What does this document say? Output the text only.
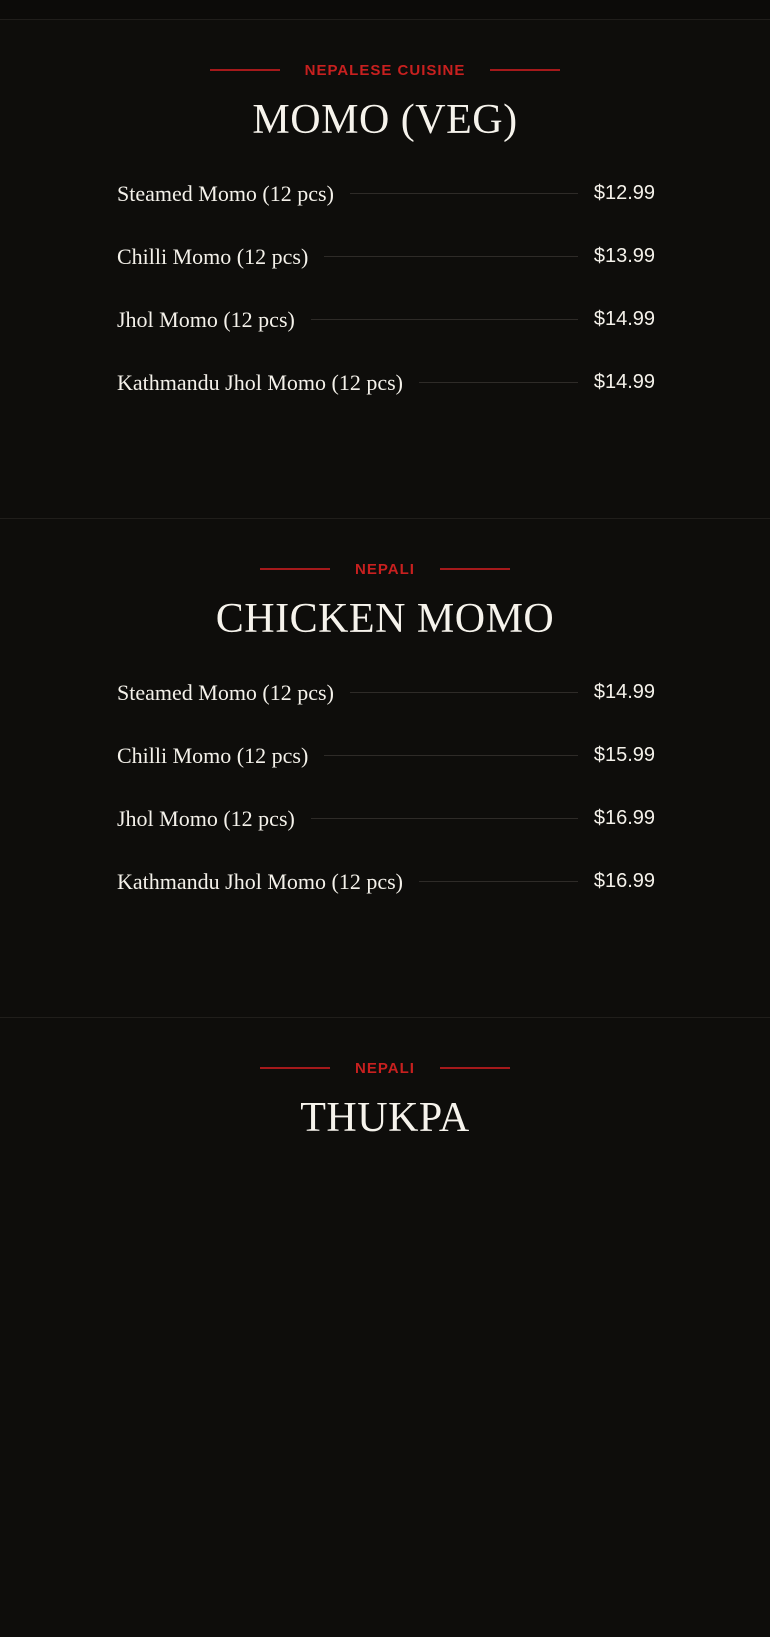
NEPALESE CUISINE
MOMO (VEG)
Steamed Momo (12 pcs)	$12.99
Chilli Momo (12 pcs)	$13.99
Jhol Momo (12 pcs)	$14.99
Kathmandu Jhol Momo (12 pcs)	$14.99
NEPALI
CHICKEN MOMO
Steamed Momo (12 pcs)	$14.99
Chilli Momo (12 pcs)	$15.99
Jhol Momo (12 pcs)	$16.99
Kathmandu Jhol Momo (12 pcs)	$16.99
NEPALI
THUKPA
